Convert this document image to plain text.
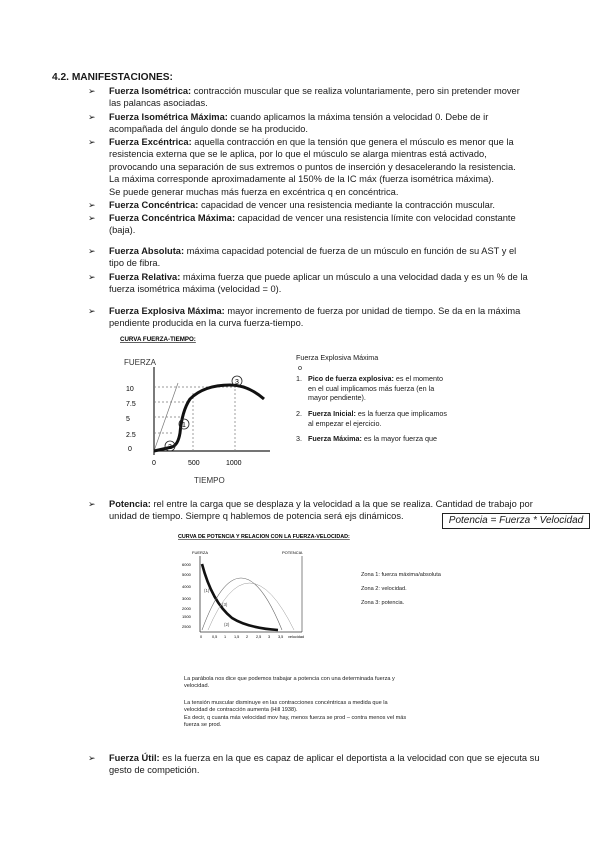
4.2. MANIFESTACIONES:
➢ Fuerza Isométrica: contracción muscular que se realiza voluntariamente, pero sin pretender mover
las palancas asociadas.
➢ Fuerza Isométrica Máxima: cuando aplicamos la máxima tensión a velocidad 0. Debe de ir
acompañada del ángulo donde se ha producido.
➢ Fuerza Excéntrica: aquella contracción en que la tensión que genera el músculo es menor que la
resistencia externa que se le aplica, por lo que el músculo se alarga mientras está activado,
provocando una separación de sus extremos o puntos de inserción y desacelerando la resistencia.
La máxima corresponde aproximadamente al 150% de la IC máx (fuerza isométrica máxima).
Se puede generar muchas más fuerza en excéntrica q en concéntrica.
➢ Fuerza Concéntrica: capacidad de vencer una resistencia mediante la contracción muscular.
➢ Fuerza Concéntrica Máxima: capacidad de vencer una resistencia límite con velocidad constante
(baja).
➢ Fuerza Absoluta: máxima capacidad potencial de fuerza de un músculo en función de su AST y el
tipo de fibra.
➢ Fuerza Relativa: máxima fuerza que puede aplicar un músculo a una velocidad dada y es un % de la
fuerza isométrica máxima (velocidad = 0).
➢ Fuerza Explosiva Máxima: mayor incremento de fuerza por unidad de tiempo. Se da en la máxima
pendiente producida en la curva fuerza-tiempo.
CURVA FUERZA-TIEMPO:
FUERZA
TIEMPO
10
7.5
5
2.5
0
0	500	1000
2
1
3
Fuerza Explosiva Máxima
o
1. Pico de fuerza explosiva: es el momento en el cual implicamos más fuerza (en la mayor pendiente).
2. Fuerza Inicial: es la fuerza que implicamos al empezar el ejercicio.
3. Fuerza Máxima: es la mayor fuerza que
➢ Potencia: rel entre la carga que se desplaza y la velocidad a la que se realiza. Cantidad de trabajo por
unidad de tiempo. Siempre q hablemos de potencia será ejs dinámicos.	Potencia = Fuerza * Velocidad
CURVA DE POTENCIA Y RELACION CON LA FUERZA-VELOCIDAD:
FUERZA	POTENCIA
6000
5000
4000
3000
2000
1500
2500
0	0,5 1 1,5 2 2,5 3 3,5 velocidad
(1)
(2)
(3)
Zona 1: fuerza máxima/absoluta
Zona 2: velocidad.
Zona 3: potencia.
La parábola nos dice que podemos trabajar a potencia con una determinada fuerza y
velocidad.
La tensión muscular disminuye en las contracciones concéntricas a medida que la
velocidad de contracción aumenta (Hill 1938).
Es decir, q cuanta más velocidad mov hay, menos fuerza se prod – contra menos vel más
fuerza se prod.
➢ Fuerza Útil: es la fuerza en la que es capaz de aplicar el deportista a la velocidad con que se ejecuta su
gesto de competición.
